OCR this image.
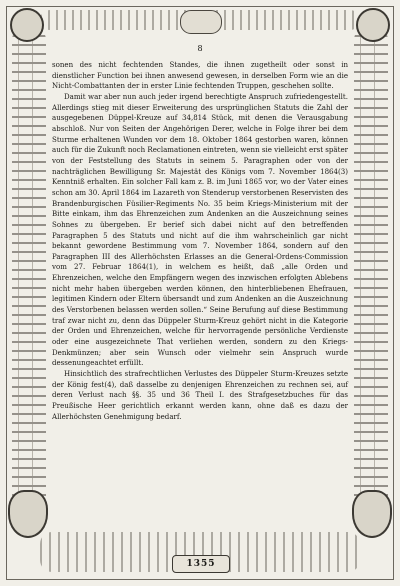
8

sonen des nicht fechtenden Standes, die ihnen zugetheilt oder sonst in dienstlicher Function bei ihnen anwesend gewesen, in derselben Form wie an die Nicht-Combattanten der in erster Linie fechtenden Truppen, geschehen sollte.

Damit war aber nun auch jeder irgend berechtigte Anspruch zufriedengestellt. Allerdings stieg mit dieser Erweiterung des ursprünglichen Statuts die Zahl der ausgegebenen Düppel-Kreuze auf 34,814 Stück, mit denen die Verausgabung abschloß. Nur von Seiten der Angehörigen Derer, welche in Folge ihrer bei dem Sturme erhaltenen Wunden vor dem 18. Oktober 1864 gestorben waren, können auch für die Zukunft noch Reclamationen eintreten, wenn sie vielleicht erst später von der Feststellung des Statuts in seinem 5. Paragraphen oder von der nachträglichen Bewilligung Sr. Majestät des Königs vom 7. November 1864(3) Kenntniß erhalten. Ein solcher Fall kam z. B. im Juni 1865 vor, wo der Vater eines schon am 30. April 1864 im Lazareth von Stenderup verstorbenen Reservisten des Brandenburgischen Füsilier-Regiments No. 35 beim Kriegs-Ministerium mit der Bitte einkam, ihm das Ehrenzeichen zum Andenken an die Auszeichnung seines Sohnes zu übergeben. Er berief sich dabei nicht auf den betreffenden Paragraphen 5 des Statuts und nicht auf die ihm wahrscheinlich gar nicht bekannt gewordene Bestimmung vom 7. November 1864, sondern auf den Paragraphen III des Allerhöchsten Erlasses an die General-Ordens-Commission vom 27. Februar 1864(1), in welchem es heißt, daß „alle Orden und Ehrenzeichen, welche den Empfängern wegen des inzwischen erfolgten Ablebens nicht mehr haben übergeben werden können, den hinterbliebenen Ehefrauen, legitimen Kindern oder Eltern übersandt und zum Andenken an die Auszeichnung des Verstorbenen belassen werden sollen.“ Seine Berufung auf diese Bestimmung traf zwar nicht zu, denn das Düppeler Sturm-Kreuz gehört nicht in die Kategorie der Orden und Ehrenzeichen, welche für hervorragende persönliche Verdienste oder eine ausgezeichnete That verliehen werden, sondern zu den Kriegs-Denkmünzen; aber sein Wunsch oder vielmehr sein Anspruch wurde dessenungeachtet erfüllt.

Hinsichtlich des strafrechtlichen Verlustes des Düppeler Sturm-Kreuzes setzte der König fest(4), daß dasselbe zu denjenigen Ehrenzeichen zu rechnen sei, auf deren Verlust nach §§. 35 und 36 Theil I. des Strafgesetzbuches für das Preußische Heer gerichtlich erkannt werden kann, ohne daß es dazu der Allerhöchsten Genehmigung bedarf.

1355
